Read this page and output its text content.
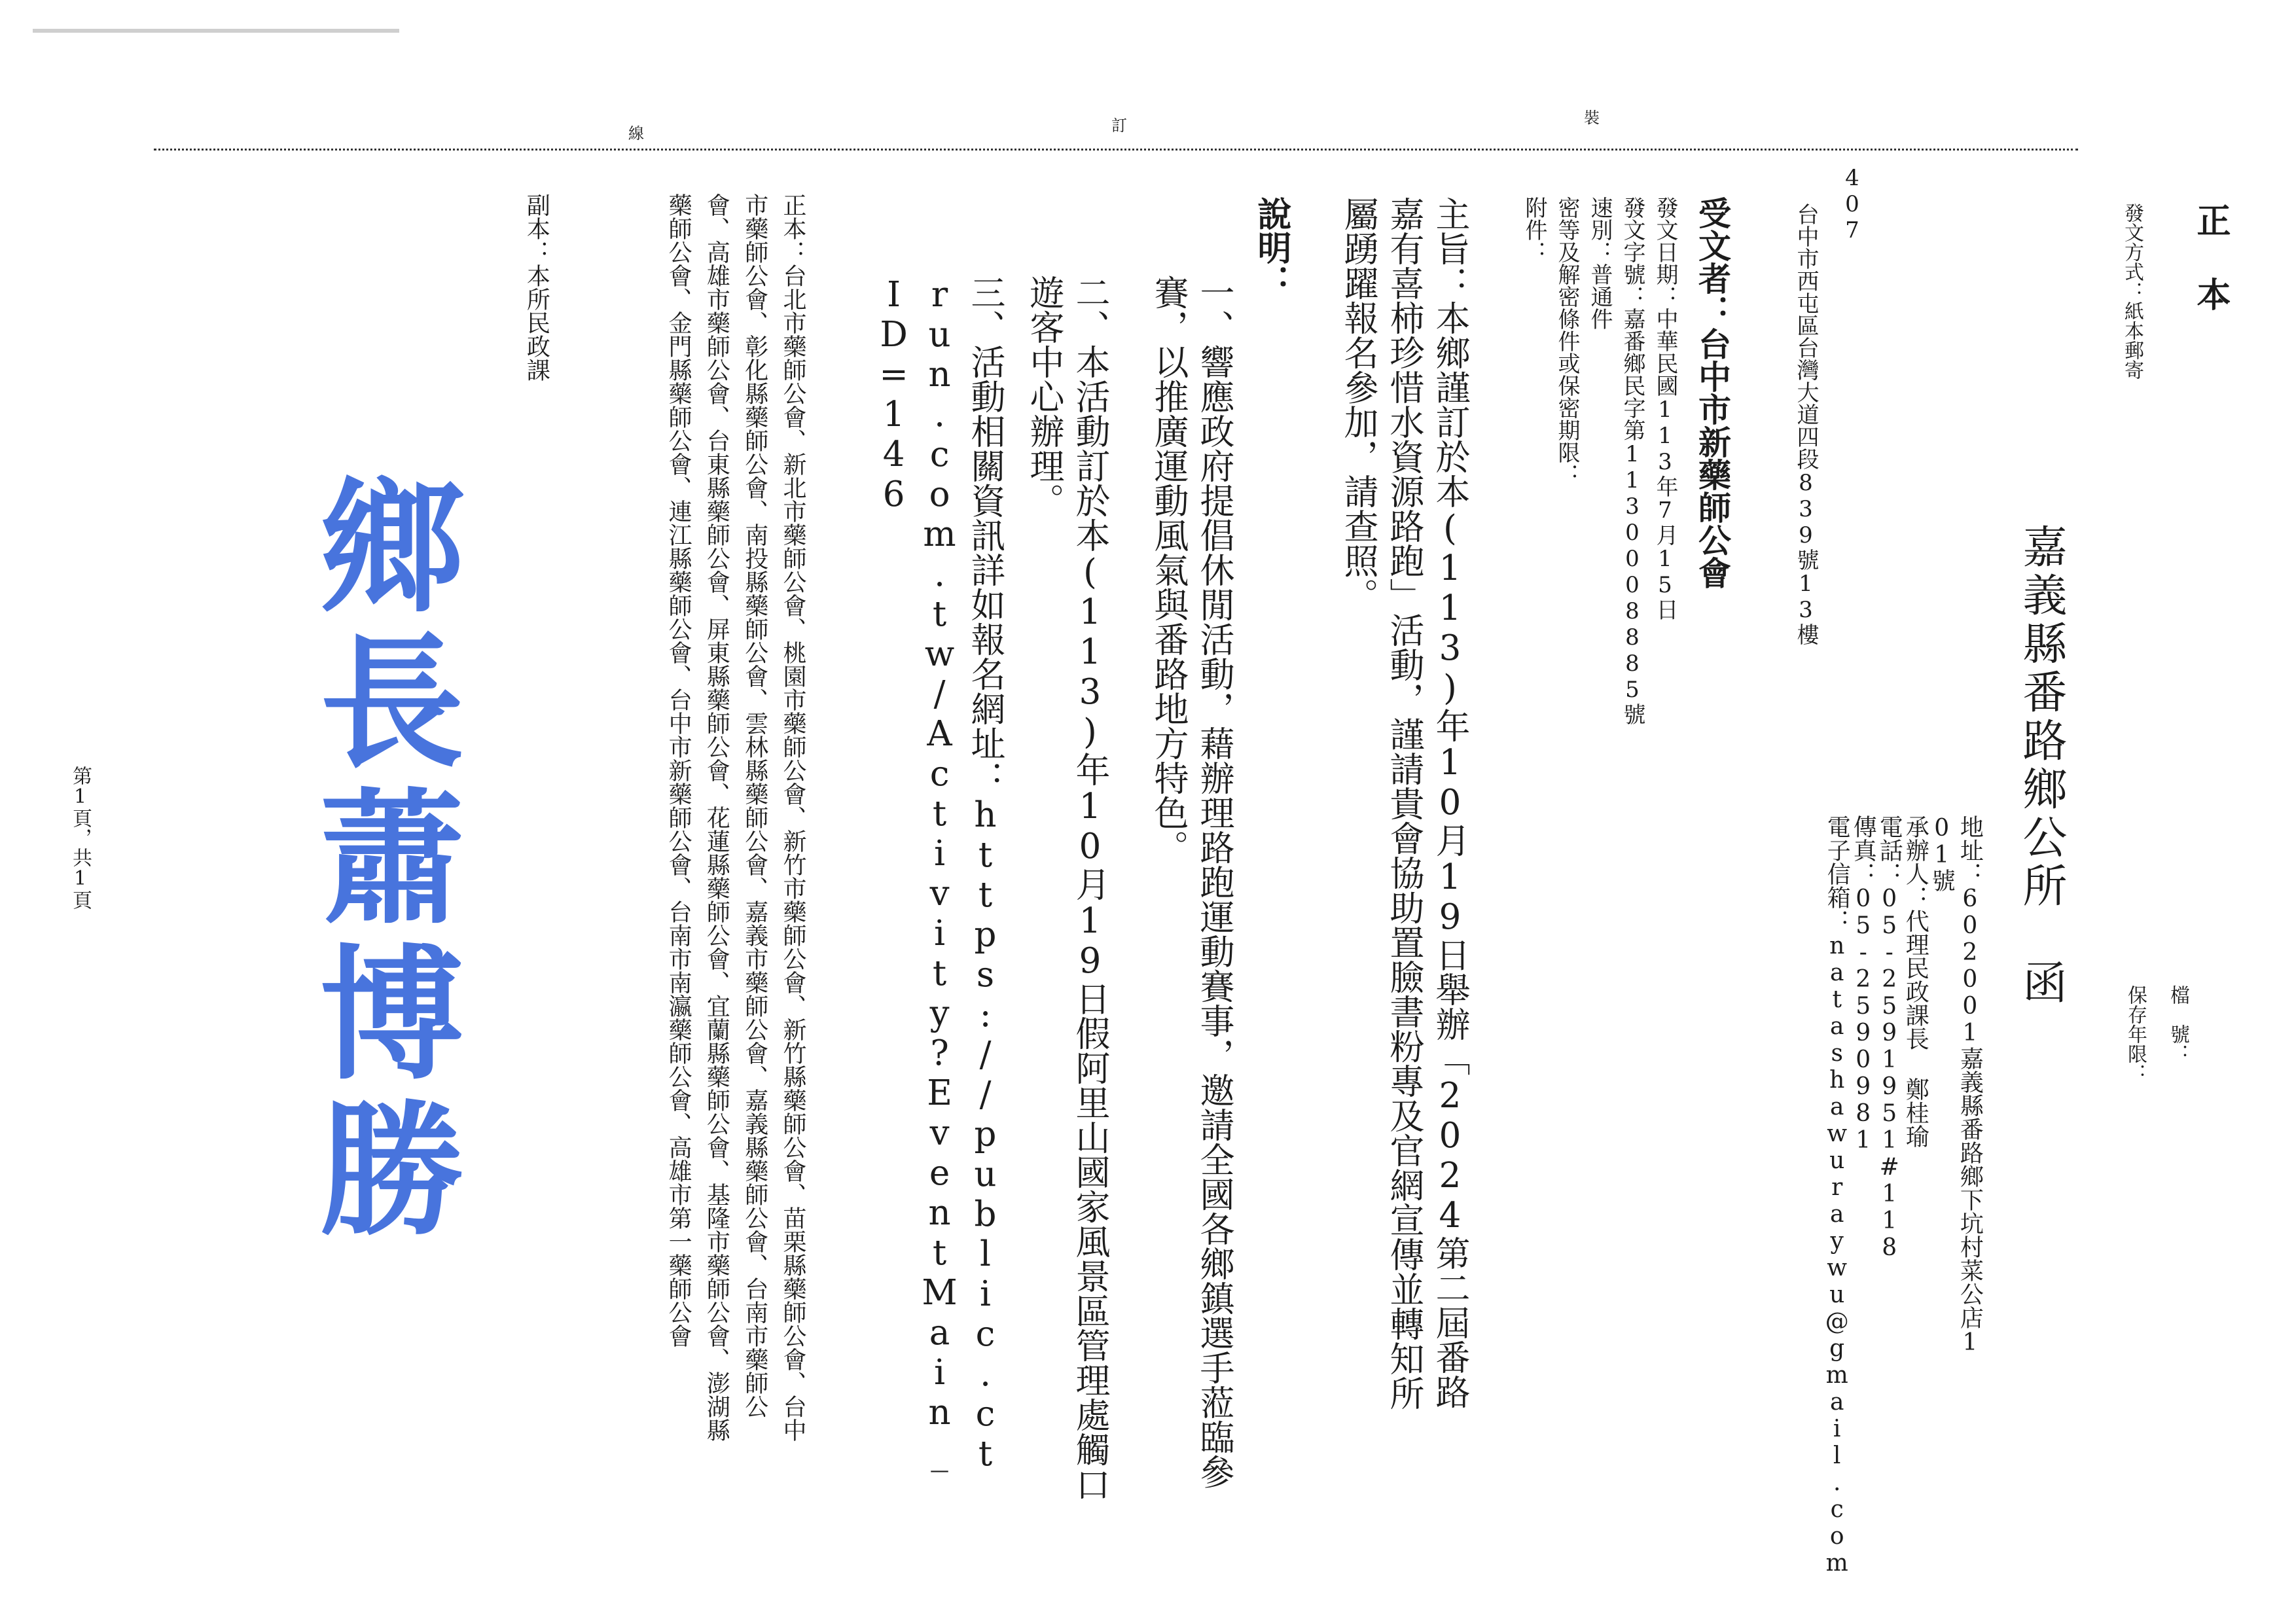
裝
訂
線

正 本

發文方式：紙本郵寄

檔　號：

保存年限：

嘉義縣番路鄉公所　函

地址：602001嘉義縣番路鄉下坑村菜公店101號

承辦人：代理民政課長 鄭桂瑜

電話：05-2591951#118

傳真：05-2590981

電子信箱：natashawuraywu@gmail.com

407

台中市西屯區台灣大道四段839號13樓

受文者：台中市新藥師公會

發文日期：中華民國113年7月15日

發文字號：嘉番鄉民字第1130008885號

速別：普通件

密等及解密條件或保密期限：

附件：

主旨：本鄉謹訂於本(113)年10月19日舉辦「2024第二屆番路嘉有喜柿珍惜水資源路跑」活動，謹請貴會協助置臉書粉專及官網宣傳並轉知所屬踴躍報名參加，請查照。

說明：

一、響應政府提倡休閒活動，藉辦理路跑運動賽事，邀請全國各鄉鎮選手蒞臨參賽，以推廣運動風氣與番路地方特色。

二、本活動訂於本(113)年10月19日假阿里山國家風景區管理處觸口遊客中心辦理。

三、活動相關資訊詳如報名網址：https://public.ctrun.com.tw/Activity?EventMain_ID=146

正本：台北市藥師公會、新北市藥師公會、桃園市藥師公會、新竹市藥師公會、新竹縣藥師公會、苗栗縣藥師公會、台中市藥師公會、彰化縣藥師公會、南投縣藥師公會、雲林縣藥師公會、嘉義市藥師公會、嘉義縣藥師公會、台南市藥師公會、高雄市藥師公會、台東縣藥師公會、屏東縣藥師公會、花蓮縣藥師公會、宜蘭縣藥師公會、基隆市藥師公會、澎湖縣藥師公會、金門縣藥師公會、連江縣藥師公會、台中市新藥師公會、台南市南瀛藥師公會、高雄市第一藥師公會

副本：本所民政課

鄉長蕭博勝

第1頁，共1頁
